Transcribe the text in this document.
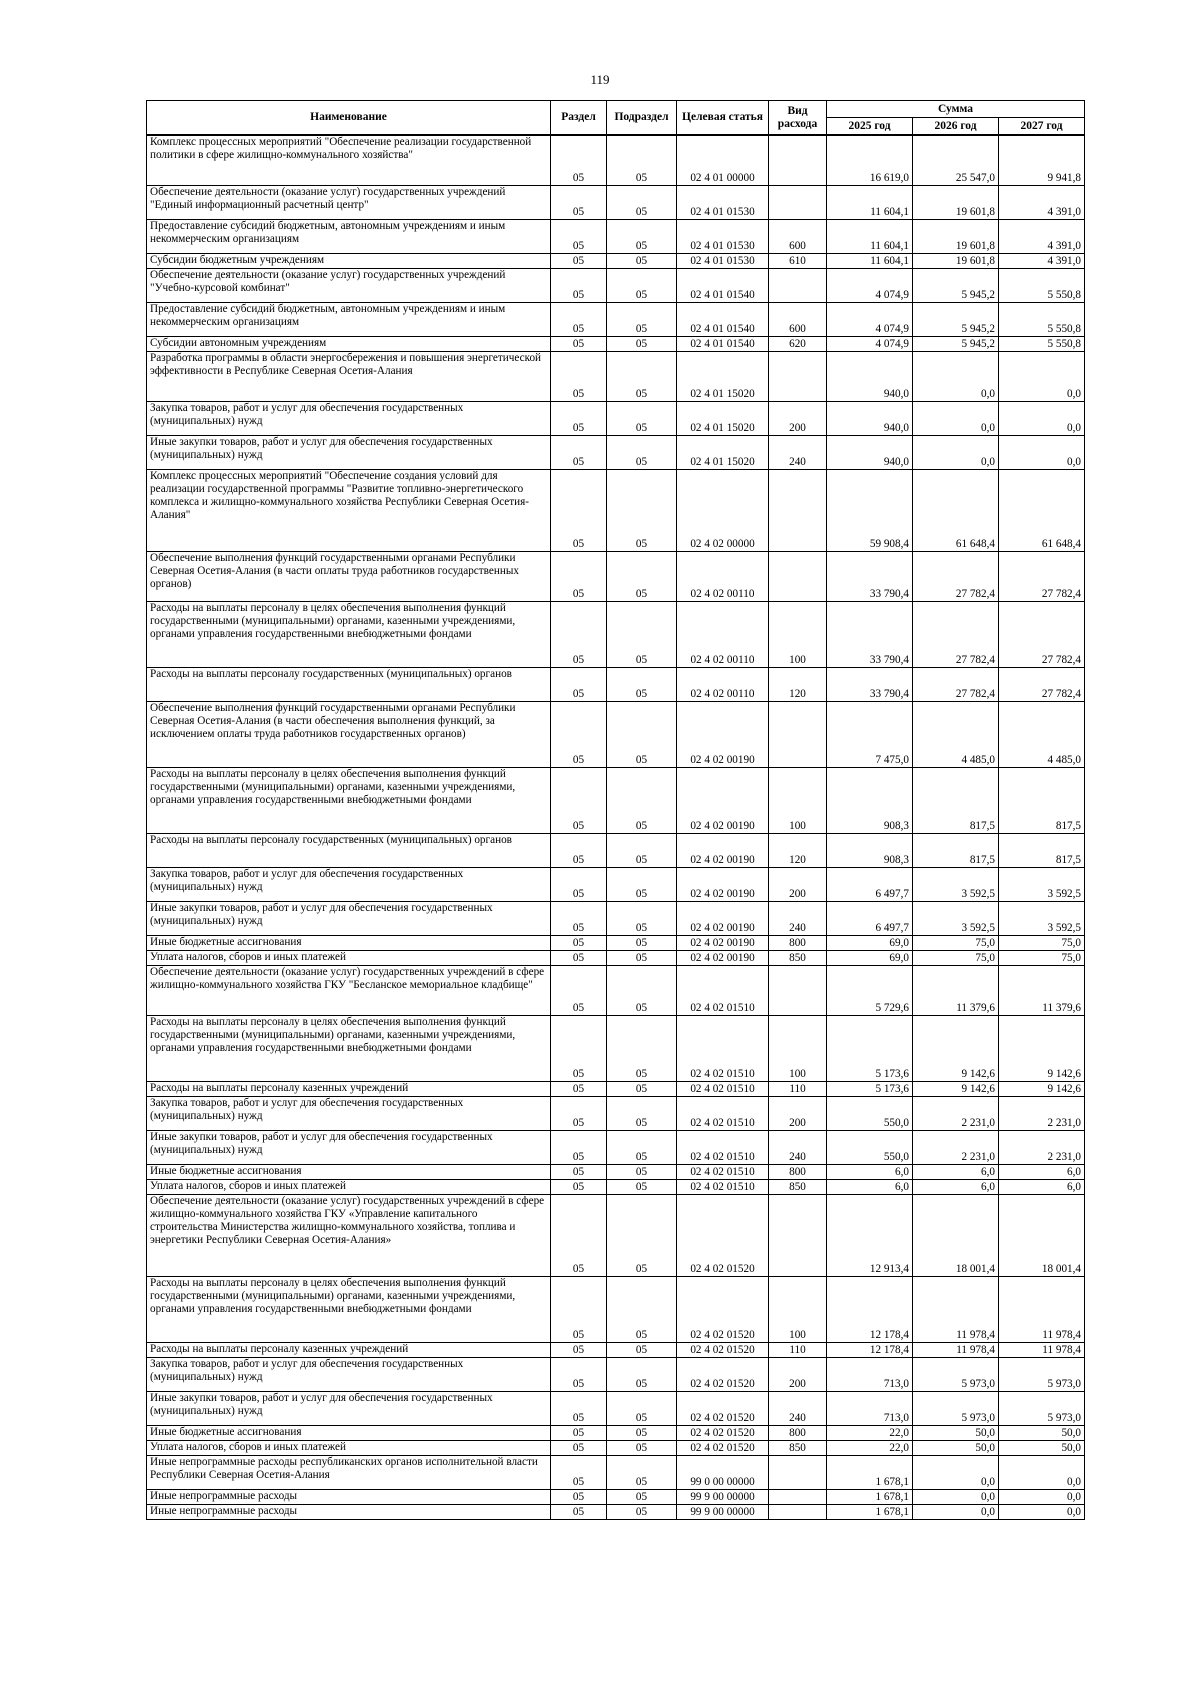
119
Наименование	Раздел	Подраздел	Целевая статья	Вид расхода	Сумма		
					2025 год	2026 год	2027 год
Комплекс процессных мероприятий "Обеспечение реализации государственной политики в сфере жилищно-коммунального хозяйства"	05	05	02 4 01 00000		16 619,0	25 547,0	9 941,8
Обеспечение деятельности (оказание услуг) государственных учреждений "Единый информационный расчетный центр"	05	05	02 4 01 01530		11 604,1	19 601,8	4 391,0
Предоставление субсидий бюджетным, автономным учреждениям и иным некоммерческим организациям	05	05	02 4 01 01530	600	11 604,1	19 601,8	4 391,0
Субсидии бюджетным учреждениям	05	05	02 4 01 01530	610	11 604,1	19 601,8	4 391,0
Обеспечение деятельности (оказание услуг) государственных учреждений "Учебно-курсовой комбинат"	05	05	02 4 01 01540		4 074,9	5 945,2	5 550,8
Предоставление субсидий бюджетным, автономным учреждениям и иным некоммерческим организациям	05	05	02 4 01 01540	600	4 074,9	5 945,2	5 550,8
Субсидии автономным учреждениям	05	05	02 4 01 01540	620	4 074,9	5 945,2	5 550,8
Разработка программы в области энергосбережения и повышения энергетической эффективности в Республике Северная Осетия-Алания	05	05	02 4 01 15020		940,0	0,0	0,0
Закупка товаров, работ и услуг для обеспечения государственных (муниципальных) нужд	05	05	02 4 01 15020	200	940,0	0,0	0,0
Иные закупки товаров, работ и услуг для обеспечения государственных (муниципальных) нужд	05	05	02 4 01 15020	240	940,0	0,0	0,0
Комплекс процессных мероприятий "Обеспечение создания условий для реализации государственной программы "Развитие топливно-энергетического комплекса и жилищно-коммунального хозяйства Республики Северная Осетия-Алания"	05	05	02 4 02 00000		59 908,4	61 648,4	61 648,4
Обеспечение выполнения функций государственными органами Республики Северная Осетия-Алания (в части оплаты труда работников государственных органов)	05	05	02 4 02 00110		33 790,4	27 782,4	27 782,4
Расходы на выплаты персоналу в целях обеспечения выполнения функций государственными (муниципальными) органами, казенными учреждениями, органами управления государственными внебюджетными фондами	05	05	02 4 02 00110	100	33 790,4	27 782,4	27 782,4
Расходы на выплаты персоналу государственных (муниципальных) органов	05	05	02 4 02 00110	120	33 790,4	27 782,4	27 782,4
Обеспечение выполнения функций государственными органами Республики Северная Осетия-Алания (в части обеспечения выполнения функций, за исключением оплаты труда работников государственных органов)	05	05	02 4 02 00190		7 475,0	4 485,0	4 485,0
Расходы на выплаты персоналу в целях обеспечения выполнения функций государственными (муниципальными) органами, казенными учреждениями, органами управления государственными внебюджетными фондами	05	05	02 4 02 00190	100	908,3	817,5	817,5
Расходы на выплаты персоналу государственных (муниципальных) органов	05	05	02 4 02 00190	120	908,3	817,5	817,5
Закупка товаров, работ и услуг для обеспечения государственных (муниципальных) нужд	05	05	02 4 02 00190	200	6 497,7	3 592,5	3 592,5
Иные закупки товаров, работ и услуг для обеспечения государственных (муниципальных) нужд	05	05	02 4 02 00190	240	6 497,7	3 592,5	3 592,5
Иные бюджетные ассигнования	05	05	02 4 02 00190	800	69,0	75,0	75,0
Уплата налогов, сборов и иных платежей	05	05	02 4 02 00190	850	69,0	75,0	75,0
Обеспечение деятельности (оказание услуг) государственных учреждений в сфере жилищно-коммунального хозяйства ГКУ "Бесланское мемориальное кладбище"	05	05	02 4 02 01510		5 729,6	11 379,6	11 379,6
Расходы на выплаты персоналу в целях обеспечения выполнения функций государственными (муниципальными) органами, казенными учреждениями, органами управления государственными внебюджетными фондами	05	05	02 4 02 01510	100	5 173,6	9 142,6	9 142,6
Расходы на выплаты персоналу казенных учреждений	05	05	02 4 02 01510	110	5 173,6	9 142,6	9 142,6
Закупка товаров, работ и услуг для обеспечения государственных (муниципальных) нужд	05	05	02 4 02 01510	200	550,0	2 231,0	2 231,0
Иные закупки товаров, работ и услуг для обеспечения государственных (муниципальных) нужд	05	05	02 4 02 01510	240	550,0	2 231,0	2 231,0
Иные бюджетные ассигнования	05	05	02 4 02 01510	800	6,0	6,0	6,0
Уплата налогов, сборов и иных платежей	05	05	02 4 02 01510	850	6,0	6,0	6,0
Обеспечение деятельности (оказание услуг) государственных учреждений в сфере жилищно-коммунального хозяйства ГКУ «Управление капитального строительства Министерства жилищно-коммунального хозяйства, топлива и энергетики Республики Северная Осетия-Алания»	05	05	02 4 02 01520		12 913,4	18 001,4	18 001,4
Расходы на выплаты персоналу в целях обеспечения выполнения функций государственными (муниципальными) органами, казенными учреждениями, органами управления государственными внебюджетными фондами	05	05	02 4 02 01520	100	12 178,4	11 978,4	11 978,4
Расходы на выплаты персоналу казенных учреждений	05	05	02 4 02 01520	110	12 178,4	11 978,4	11 978,4
Закупка товаров, работ и услуг для обеспечения государственных (муниципальных) нужд	05	05	02 4 02 01520	200	713,0	5 973,0	5 973,0
Иные закупки товаров, работ и услуг для обеспечения государственных (муниципальных) нужд	05	05	02 4 02 01520	240	713,0	5 973,0	5 973,0
Иные бюджетные ассигнования	05	05	02 4 02 01520	800	22,0	50,0	50,0
Уплата налогов, сборов и иных платежей	05	05	02 4 02 01520	850	22,0	50,0	50,0
Иные непрограммные расходы республиканских органов исполнительной власти Республики Северная Осетия-Алания	05	05	99 0 00 00000		1 678,1	0,0	0,0
Иные непрограммные расходы	05	05	99 9 00 00000		1 678,1	0,0	0,0
Иные непрограммные расходы	05	05	99 9 00 00000		1 678,1	0,0	0,0
